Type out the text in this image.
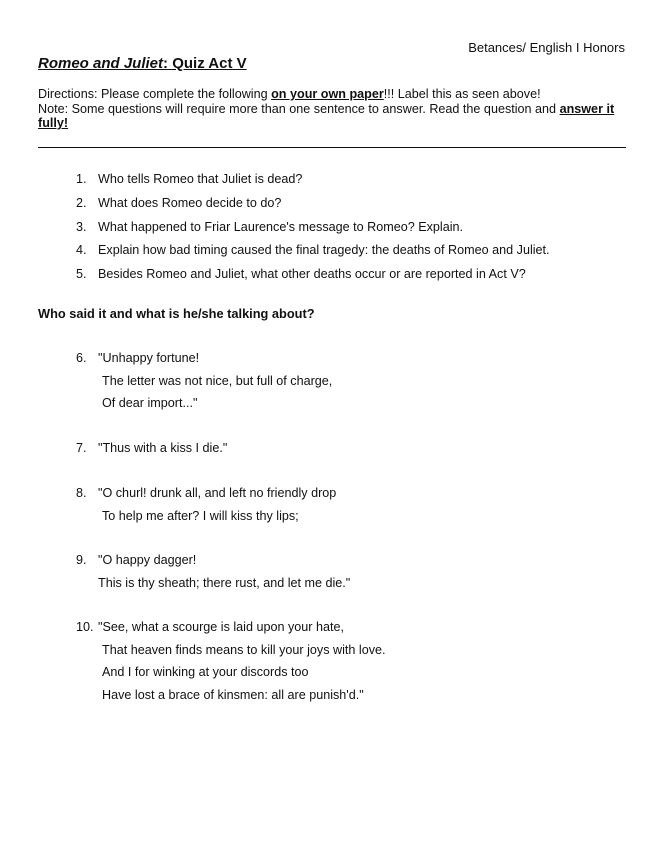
Betances/ English I Honors
Romeo and Juliet: Quiz Act V
Directions: Please complete the following on your own paper!!! Label this as seen above!
Note: Some questions will require more than one sentence to answer. Read the question and answer it fully!
1. Who tells Romeo that Juliet is dead?
2. What does Romeo decide to do?
3. What happened to Friar Laurence's message to Romeo? Explain.
4. Explain how bad timing caused the final tragedy: the deaths of Romeo and Juliet.
5. Besides Romeo and Juliet, what other deaths occur or are reported in Act V?
Who said it and what is he/she talking about?
6. "Unhappy fortune!
The letter was not nice, but full of charge,
Of dear import..."
7. "Thus with a kiss I die."
8. "O churl! drunk all, and left no friendly drop
To help me after? I will kiss thy lips;
9. "O happy dagger!
This is thy sheath; there rust, and let me die."
10. "See, what a scourge is laid upon your hate,
That heaven finds means to kill your joys with love.
And I for winking at your discords too
Have lost a brace of kinsmen: all are punish'd."
